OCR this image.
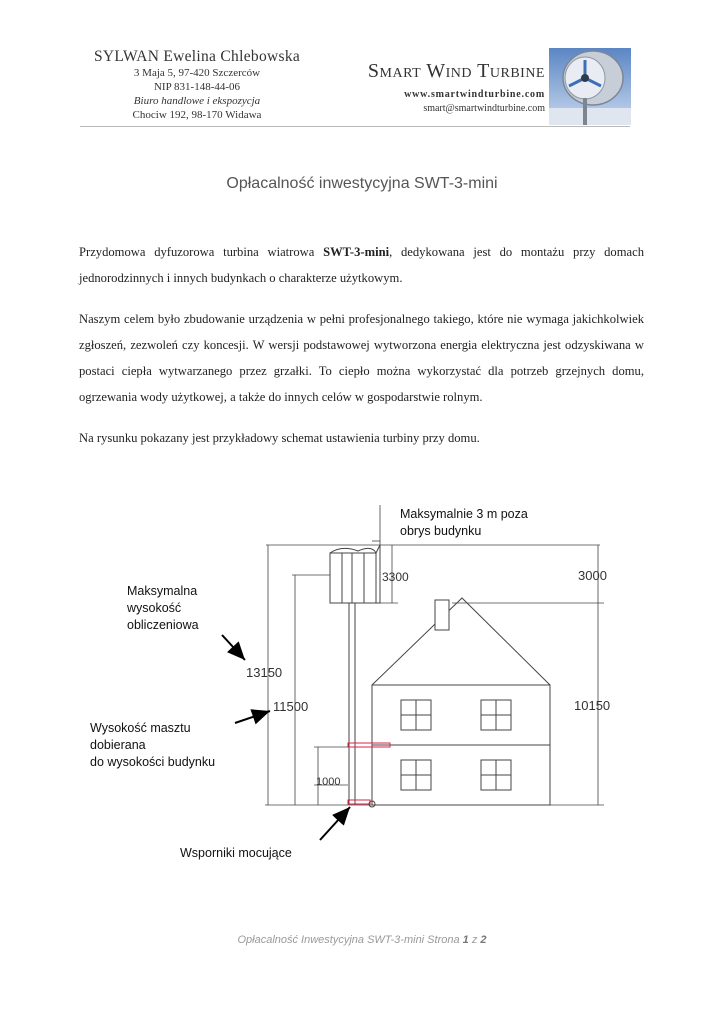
SYLWAN Ewelina Chlebowska
3 Maja 5, 97-420 Szczerców
NIP 831-148-44-06
Biuro handlowe i ekspozycja
Chociw 192, 98-170 Widawa
Smart Wind Turbine
www.smartwindturbine.com
smart@smartwindturbine.com
Opłacalność inwestycyjna SWT-3-mini
Przydomowa dyfuzorowa turbina wiatrowa SWT-3-mini, dedykowana jest do montażu przy domach jednorodzinnych i innych budynkach o charakterze użytkowym.
Naszym celem było zbudowanie urządzenia w pełni profesjonalnego takiego, które nie wymaga jakichkolwiek zgłoszeń, zezwoleń czy koncesji. W wersji podstawowej wytworzona energia elektryczna jest odzyskiwana w postaci ciepła wytwarzanego przez grzałki. To ciepło można wykorzystać dla potrzeb grzejnych domu, ogrzewania wody użytkowej, a także do innych celów w gospodarstwie rolnym.
Na rysunku pokazany jest przykładowy schemat ustawienia turbiny przy domu.
13150
11500
3300	3000
10150
1000
Maksymalnie 3 m poza
obrys budynku
Maksymalna
wysokość
obliczeniowa
Wysokość masztu
dobierana
do wysokości budynku
Wsporniki mocujące
Opłacalność Inwestycyjna SWT-3-mini Strona 1 z 2
